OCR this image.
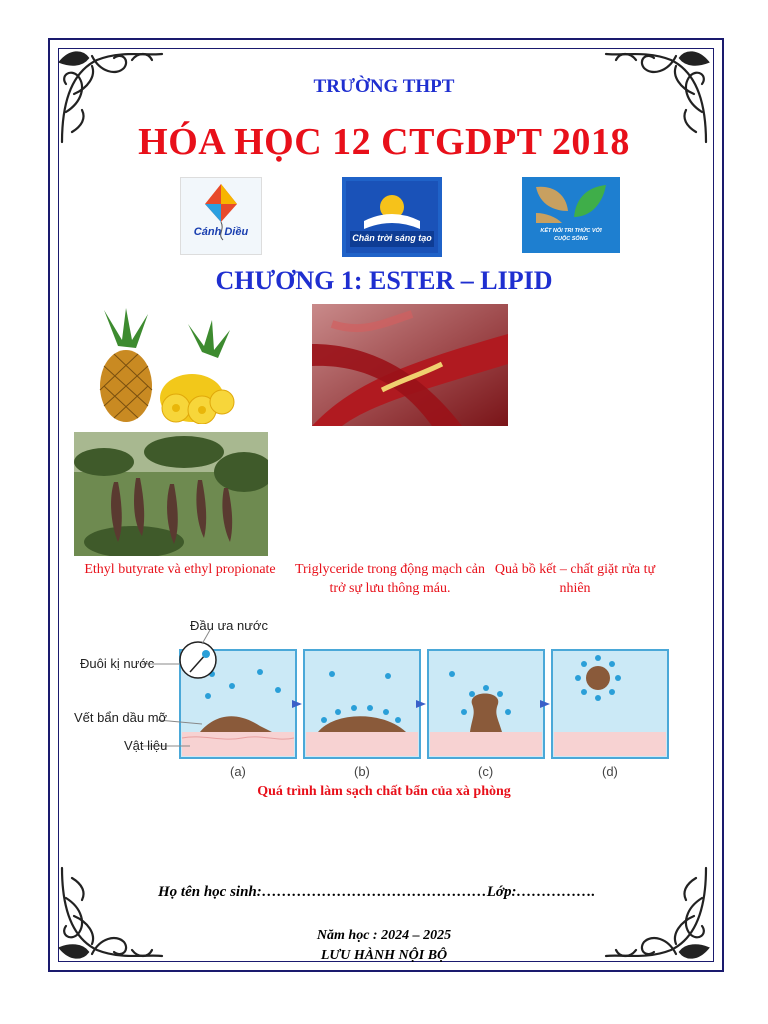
TRƯỜNG THPT
HÓA HỌC 12 CTGDPT 2018
Cánh Diều	Chân trời sáng tạo
KẾT NỐI TRI THỨC VỚI CUỘC SỐNG
CHƯƠNG 1: ESTER – LIPID
Ethyl butyrate và ethyl propionate	Triglyceride trong động mạch cản trở sự lưu thông máu.
Quả bồ kết – chất giặt rửa tự nhiên
Đầu ưa nước
Đuôi kị nước
Vết bẩn dầu mỡ
Vật liệu
(a)	(b)	(c)	(d)
Quá trình làm sạch chất bẩn của xà phòng
Họ tên học sinh:………………………………………Lớp:…………….
Năm học : 2024 – 2025
LƯU HÀNH NỘI BỘ
